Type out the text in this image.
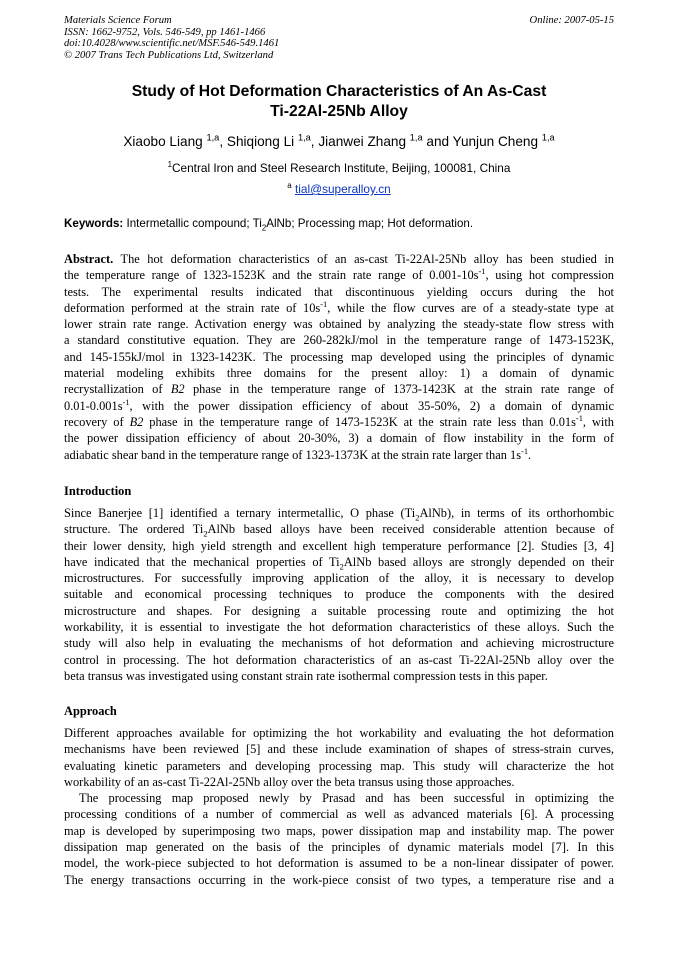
Materials Science Forum
ISSN: 1662-9752, Vols. 546-549, pp 1461-1466
doi:10.4028/www.scientific.net/MSF.546-549.1461
© 2007 Trans Tech Publications Ltd, Switzerland
Online: 2007-05-15
Study of Hot Deformation Characteristics of An As-Cast
Ti-22Al-25Nb Alloy
Xiaobo Liang $^{1,a}$, Shiqiong Li $^{1,a}$, Jianwei Zhang $^{1,a}$ and Yunjun Cheng $^{1,a}$
$^1$Central Iron and Steel Research Institute, Beijing, 100081, China
$^a$ tial@superalloy.cn
Keywords: Intermetallic compound; $Ti_2AlNb$; Processing map; Hot deformation.
Abstract. The hot deformation characteristics of an as-cast Ti-22Al-25Nb alloy has been studied in
the temperature range of 1323-1523K and the strain rate range of $0.001-10s^{-1}$, using hot compression
tests. The experimental results indicated that discontinuous yielding occurs during the hot
deformation performed at the strain rate of $10s^{-1}$, while the flow curves are of a steady-state type at
lower strain rate range. Activation energy was obtained by analyzing the steady-state flow stress with
a standard constitutive equation. They are 260-282kJ/mol in the temperature range of 1473-1523K,
and 145-155kJ/mol in 1323-1423K. The processing map developed using the principles of dynamic
material modeling exhibits three domains for the present alloy: 1) a domain of dynamic
recrystallization of B2 phase in the temperature range of 1373-1423K at the strain rate range of
$0.01-0.001s^{-1}$, with the power dissipation efficiency of about 35-50%, 2) a domain of dynamic
recovery of B2 phase in the temperature range of 1473-1523K at the strain rate less than $0.01s^{-1}$, with
the power dissipation efficiency of about 20-30%, 3) a domain of flow instability in the form of
adiabatic shear band in the temperature range of 1323-1373K at the strain rate larger than $1s^{-1}$.
Introduction
Since Banerjee [1] identified a ternary intermetallic, O phase $(Ti_2AlNb)$, in terms of its orthorhombic
structure. The ordered $Ti_2AlNb$ based alloys have been received considerable attention because of
their lower density, high yield strength and excellent high temperature performance [2]. Studies [3, 4]
have indicated that the mechanical properties of $Ti_2AlNb$ based alloys are strongly depended on their
microstructures. For successfully improving application of the alloy, it is necessary to develop
suitable and economical processing techniques to produce the components with the desired
microstructure and shapes. For designing a suitable processing route and optimizing the hot
workability, it is essential to investigate the hot deformation characteristics of these alloys. Such the
study will also help in evaluating the mechanisms of hot deformation and achieving microstructure
control in processing. The hot deformation characteristics of an as-cast Ti-22Al-25Nb alloy over the
beta transus was investigated using constant strain rate isothermal compression tests in this paper.
Approach
Different approaches available for optimizing the hot workability and evaluating the hot deformation
mechanisms have been reviewed [5] and these include examination of shapes of stress-strain curves,
evaluating kinetic parameters and developing processing map. This study will characterize the hot
workability of an as-cast Ti-22Al-25Nb alloy over the beta transus using those approaches.
The processing map proposed newly by Prasad and has been successful in optimizing the
processing conditions of a number of commercial as well as advanced materials [6]. A processing
map is developed by superimposing two maps, power dissipation map and instability map. The power
dissipation map generated on the basis of the principles of dynamic materials model [7]. In this
model, the work-piece subjected to hot deformation is assumed to be a non-linear dissipater of power.
The energy transactions occurring in the work-piece consist of two types, a temperature rise and a
